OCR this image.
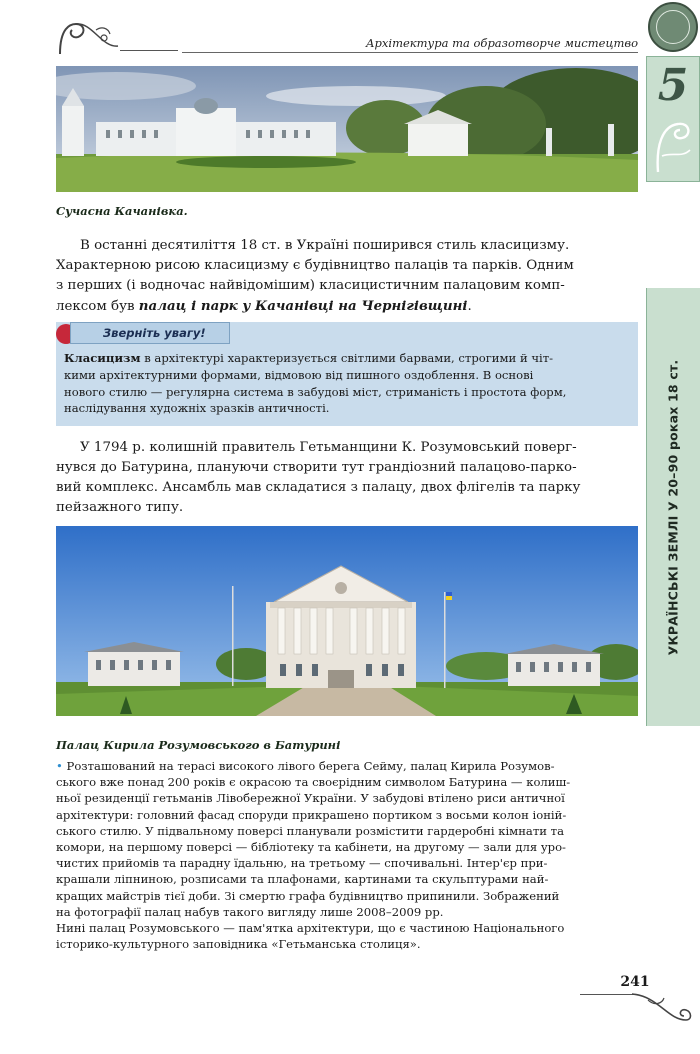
Архітектура та образотворче мистецтво
5
УКРАЇНСЬКІ ЗЕМЛІ У 20–90 роках 18 ст.
Сучасна Качанівка.
В останні десятиліття 18 ст. в Україні поширився стиль класицизму.
Характерною рисою класицизму є будівництво палаців та парків. Одним
з перших (і водночас найвідомішим) класицистичним палацовим комп-
лексом був палац і парк у Качанівці на Чернігівщині.
Зверніть увагу!
Класицизм в архітектурі характеризується світлими барвами, строгими й чіт-
кими архітектурними формами, відмовою від пишного оздоблення. В основі
нового стилю — регулярна система в забудові міст, стриманість і простота форм,
наслідування художніх зразків античності.
У 1794 р. колишній правитель Гетьманщини К. Розумовський поверг-
нувся до Батурина, плануючи створити тут грандіозний палацово-парко-
вий комплекс. Ансамбль мав складатися з палацу, двох флігелів та парку
пейзажного типу.
Палац Кирила Розумовського в Батурині
• Розташований на терасі високого лівого берега Сейму, палац Кирила Розумов-
ського вже понад 200 років є окрасою та своєрідним символом Батурина — колиш-
ньої резиденції гетьманів Лівобережної України. У забудові втілено риси античної
архітектури: головний фасад споруди прикрашено портиком з восьми колон іоній-
ського стилю. У підвальному поверсі планували розмістити гардеробні кімнати та
комори, на першому поверсі — бібліотеку та кабінети, на другому — зали для уро-
чистих прийомів та парадну їдальню, на третьому — спочивальні. Інтер'єр при-
крашали ліпниною, розписами та плафонами, картинами та скульптурами най-
кращих майстрів тієї доби. Зі смертю графа будівництво припинили. Зображений
на фотографії палац набув такого вигляду лише 2008–2009 рр.
Нині палац Розумовського — пам'ятка архітектури, що є частиною Національного
історико-культурного заповідника «Гетьманська столиця».
241
